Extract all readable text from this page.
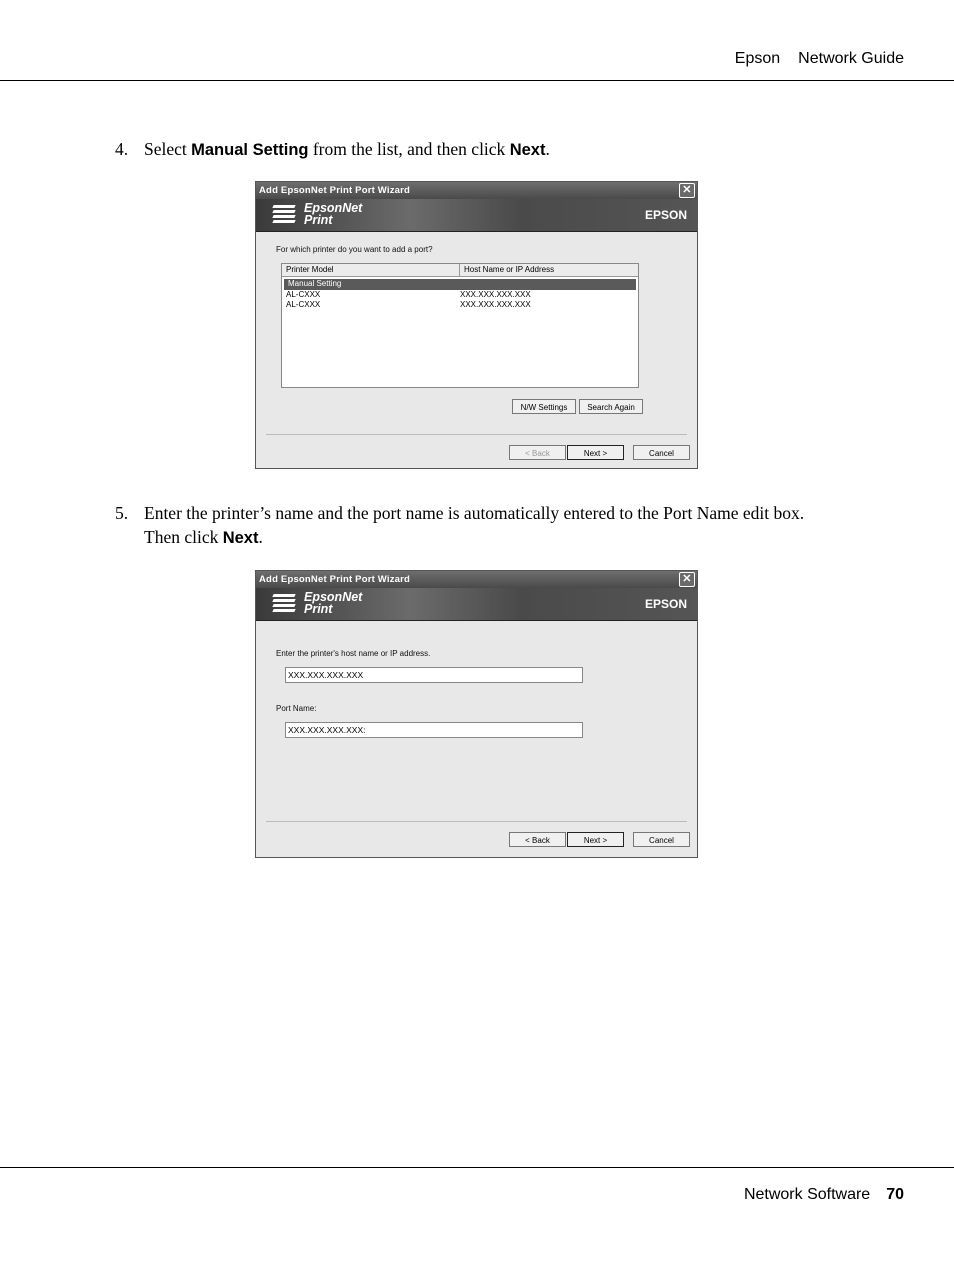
Epson Network Guide
4. Select Manual Setting from the list, and then click Next.
Add EpsonNet Print Port Wizard	✕
EpsonNet
Print	EPSON
For which printer do you want to add a port?
Printer Model	Host Name or IP Address
Manual Setting
AL-CXXX	XXX.XXX.XXX.XXX
AL-CXXX	XXX.XXX.XXX.XXX
N/W Settings	Search Again
< Back	Next >	Cancel
5. Enter the printer’s name and the port name is automatically entered to the Port Name edit box.
Then click Next.
Add EpsonNet Print Port Wizard	✕
EpsonNet
Print	EPSON
Enter the printer's host name or IP address.
XXX.XXX.XXX.XXX
Port Name:
XXX.XXX.XXX.XXX:
< Back	Next >	Cancel
Network Software 70
